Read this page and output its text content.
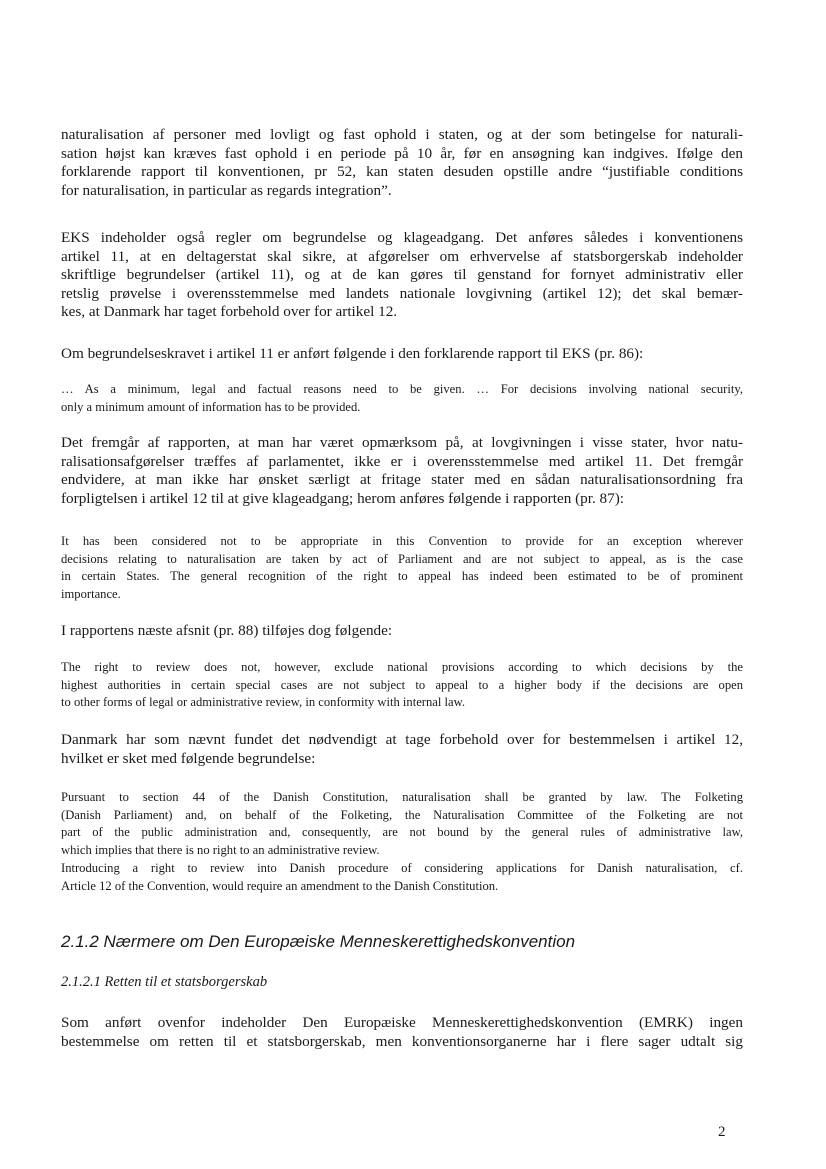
naturalisation af personer med lovligt og fast ophold i staten, og at der som betingelse for naturali-
sation højst kan kræves fast ophold i en periode på 10 år, før en ansøgning kan indgives. Ifølge den
forklarende rapport til konventionen, pr 52, kan staten desuden opstille andre “justifiable conditions
for naturalisation, in particular as regards integration”.
EKS indeholder også regler om begrundelse og klageadgang. Det anføres således i konventionens
artikel 11, at en deltagerstat skal sikre, at afgørelser om erhvervelse af statsborgerskab indeholder
skriftlige begrundelser (artikel 11), og at de kan gøres til genstand for fornyet administrativ eller
retslig prøvelse i overensstemmelse med landets nationale lovgivning (artikel 12); det skal bemær-
kes, at Danmark har taget forbehold over for artikel 12.
Om begrundelseskravet i artikel 11 er anført følgende i den forklarende rapport til EKS (pr. 86):
… As a minimum, legal and factual reasons need to be given. … For decisions involving national security,
only a minimum amount of information has to be provided.
Det fremgår af rapporten, at man har været opmærksom på, at lovgivningen i visse stater, hvor natu-
ralisationsafgørelser træffes af parlamentet, ikke er i overensstemmelse med artikel 11. Det fremgår
endvidere, at man ikke har ønsket særligt at fritage stater med en sådan naturalisationsordning fra
forpligtelsen i artikel 12 til at give klageadgang; herom anføres følgende i rapporten (pr. 87):
It has been considered not to be appropriate in this Convention to provide for an exception wherever
decisions relating to naturalisation are taken by act of Parliament and are not subject to appeal, as is the case
in certain States. The general recognition of the right to appeal has indeed been estimated to be of prominent
importance.
I rapportens næste afsnit (pr. 88) tilføjes dog følgende:
The right to review does not, however, exclude national provisions according to which decisions by the
highest authorities in certain special cases are not subject to appeal to a higher body if the decisions are open
to other forms of legal or administrative review, in conformity with internal law.
Danmark har som nævnt fundet det nødvendigt at tage forbehold over for bestemmelsen i artikel 12,
hvilket er sket med følgende begrundelse:
Pursuant to section 44 of the Danish Constitution, naturalisation shall be granted by law. The Folketing
(Danish Parliament) and, on behalf of the Folketing, the Naturalisation Committee of the Folketing are not
part of the public administration and, consequently, are not bound by the general rules of administrative law,
which implies that there is no right to an administrative review.
Introducing a right to review into Danish procedure of considering applications for Danish naturalisation, cf.
Article 12 of the Convention, would require an amendment to the Danish Constitution.
2.1.2 Nærmere om Den Europæiske Menneskerettighedskonvention
2.1.2.1 Retten til et statsborgerskab
Som anført ovenfor indeholder Den Europæiske Menneskerettighedskonvention (EMRK) ingen
bestemmelse om retten til et statsborgerskab, men konventionsorganerne har i flere sager udtalt sig
2
